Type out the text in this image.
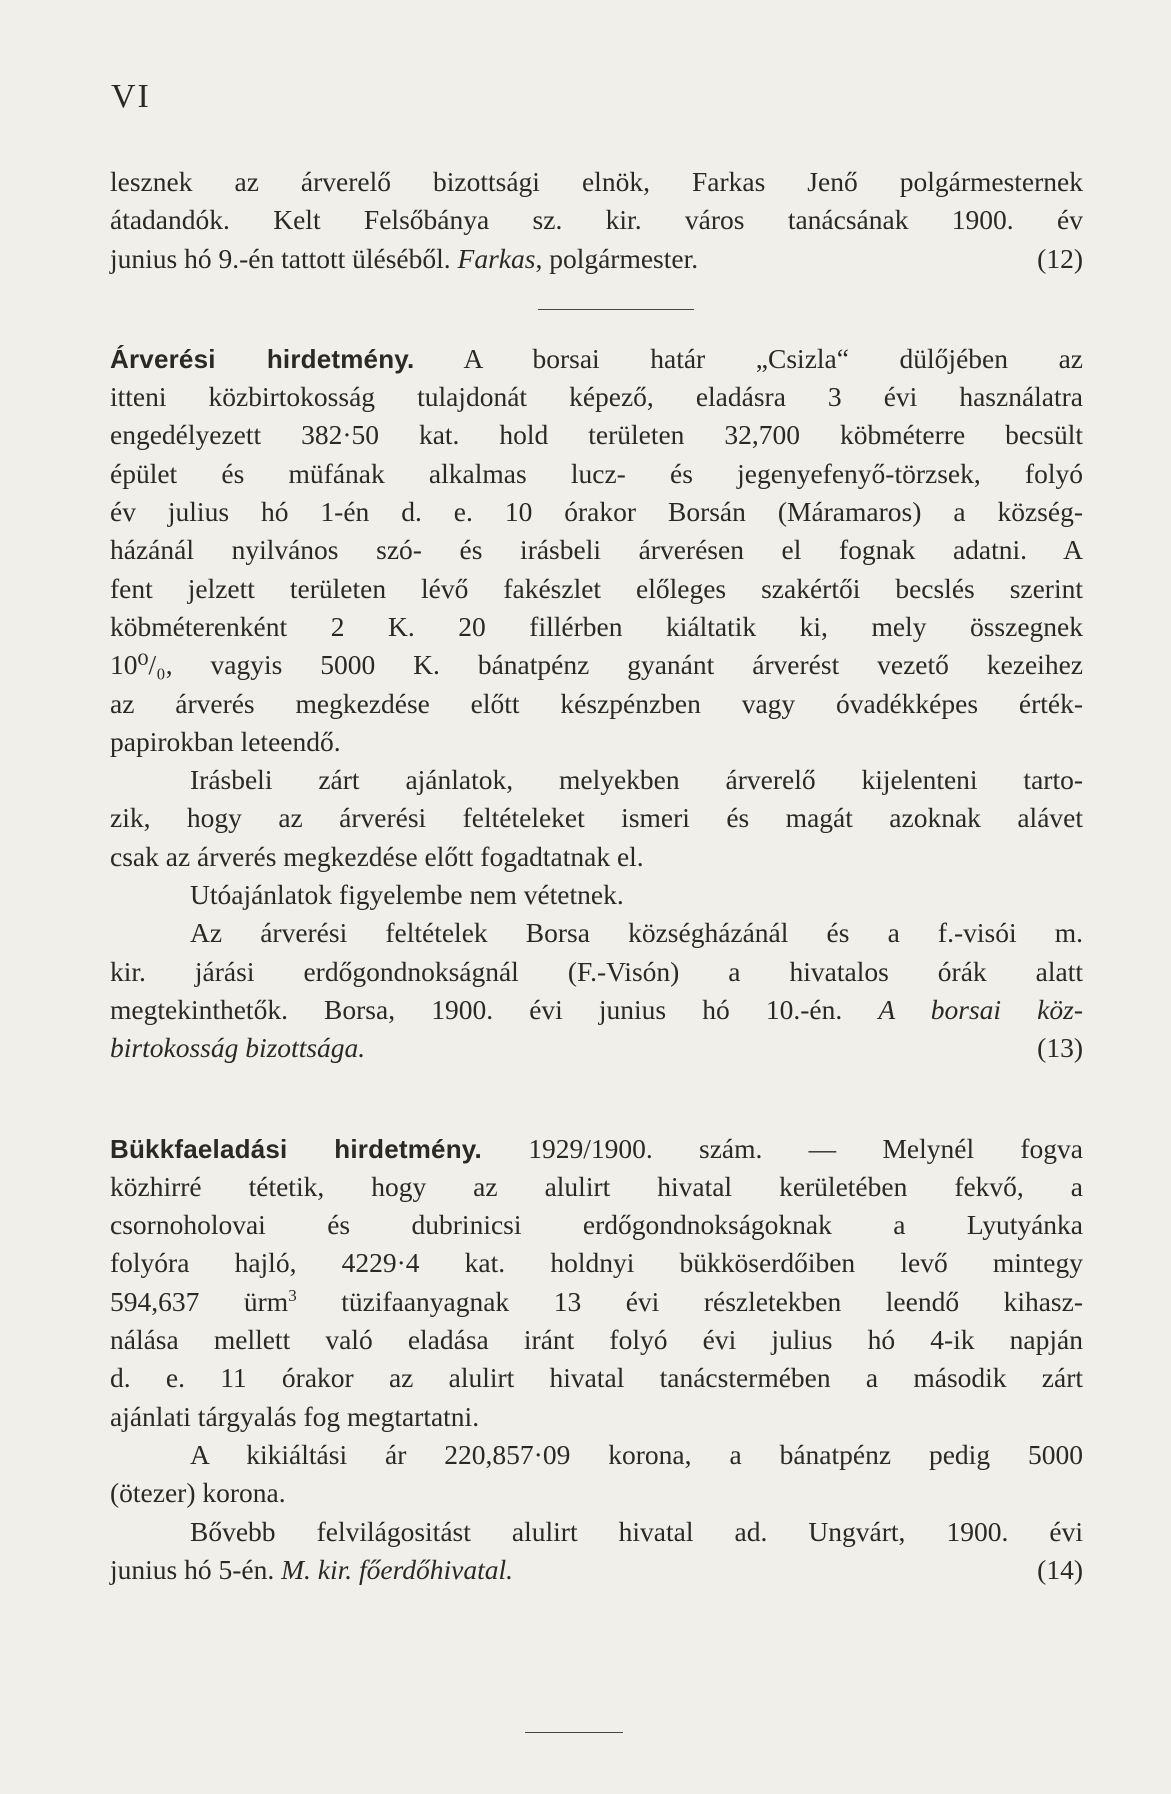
VI
lesznek az árverelő bizottsági elnök, Farkas Jenő polgármesternek
átadandók. Kelt Felsőbánya sz. kir. város tanácsának 1900. év
junius hó 9.-én tattott üléséből. Farkas, polgármester.	(12)
Árverési hirdetmény. A borsai határ „Csizla“ dülőjében az
itteni közbirtokosság tulajdonát képező, eladásra 3 évi használatra
engedélyezett 382·50 kat. hold területen 32,700 köbméterre becsült
épület és müfának alkalmas lucz- és jegenyefenyő-törzsek, folyó
év julius hó 1-én d. e. 10 órakor Borsán (Máramaros) a község-
házánál nyilvános szó- és irásbeli árverésen el fognak adatni. A
fent jelzett területen lévő fakészlet előleges szakértői becslés szerint
köbméterenként 2 K. 20 fillérben kiáltatik ki, mely összegnek
10⁰/₀, vagyis 5000 K. bánatpénz gyanánt árverést vezető kezeihez
az árverés megkezdése előtt készpénzben vagy óvadékképes érték-
papirokban leteendő.
Irásbeli zárt ajánlatok, melyekben árverelő kijelenteni tarto-
zik, hogy az árverési feltételeket ismeri és magát azoknak alávet
csak az árverés megkezdése előtt fogadtatnak el.
Utóajánlatok figyelembe nem vétetnek.
Az árverési feltételek Borsa községházánál és a f.-visói m.
kir. járási erdőgondnokságnál (F.-Visón) a hivatalos órák alatt
megtekinthetők. Borsa, 1900. évi junius hó 10.-én. A borsai köz-
birtokosság bizottsága.	(13)
Bükkfaeladási hirdetmény. 1929/1900. szám. — Melynél fogva
közhirré tétetik, hogy az alulirt hivatal kerületében fekvő, a
csornoholovai és dubrinicsi erdőgondnokságoknak a Lyutyánka
folyóra hajló, 4229·4 kat. holdnyi bükköserdőiben levő mintegy
594,637 ürm$^3$ tüzifaanyagnak 13 évi részletekben leendő kihasz-
nálása mellett való eladása iránt folyó évi julius hó 4-ik napján
d. e. 11 órakor az alulirt hivatal tanácstermében a második zárt
ajánlati tárgyalás fog megtartatni.
A kikiáltási ár 220,857·09 korona, a bánatpénz pedig 5000
(ötezer) korona.
Bővebb felvilágositást alulirt hivatal ad. Ungvárt, 1900. évi
junius hó 5-én. M. kir. főerdőhivatal.	(14)
